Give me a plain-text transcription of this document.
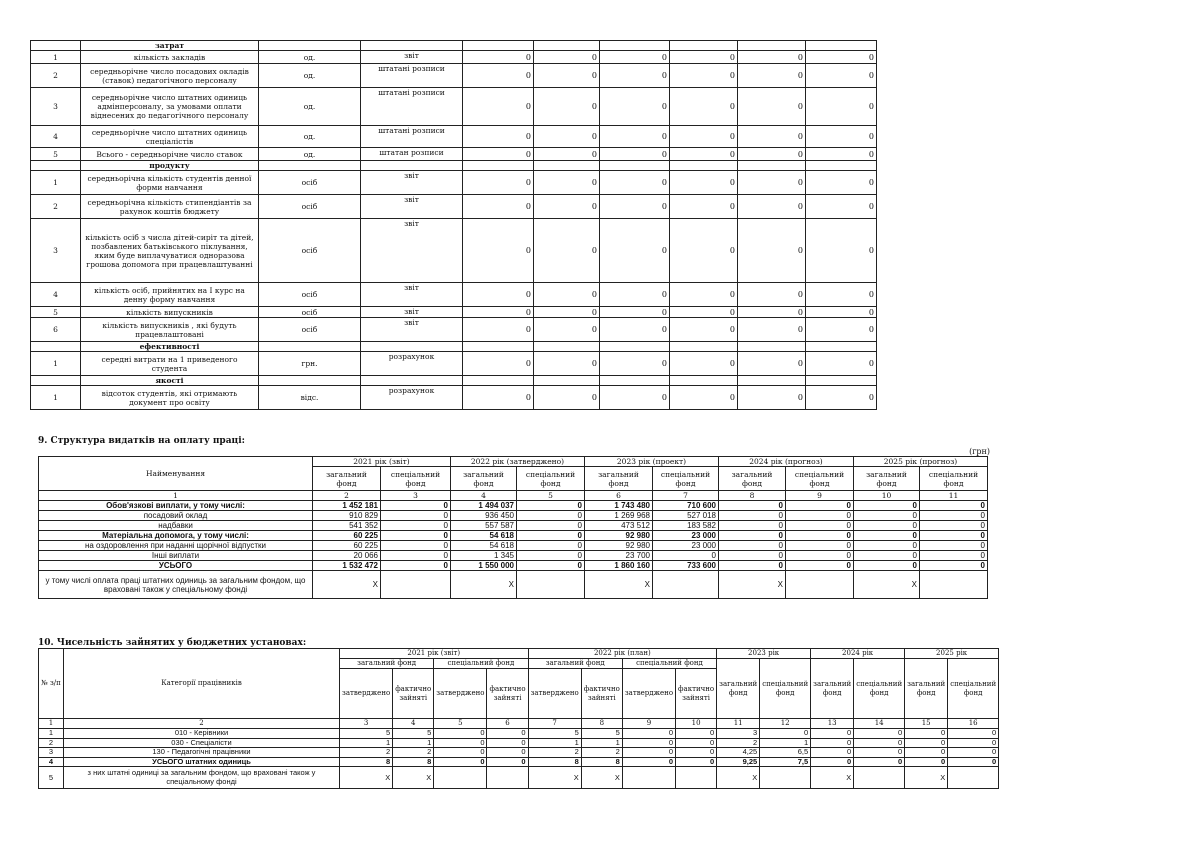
	затрат								
1	кількість закладів	од.	звіт	0	0	0	0	0	0
2	середньорічне число посадових окладів (ставок) педагогічного персоналу	од.	штатані розписи	0	0	0	0	0	0
3	середньорічне число штатних одиниць адмінперсоналу, за умовами оплати віднесених до педагогічного персоналу	од.	штатані розписи	0	0	0	0	0	0
4	середньорічне число штатних одиниць спеціалістів	од.	штатані розписи	0	0	0	0	0	0
5	Всього - середньорічне число ставок	од.	штатан розписи	0	0	0	0	0	0
	продукту								
1	середньорічна кількість студентів денної форми навчання	осіб	звіт	0	0	0	0	0	0
2	середньорічна кількість стипендіантів за рахунок коштів бюджету	осіб	звіт	0	0	0	0	0	0
3	кількість осіб з числа дітей-сиріт та дітей, позбавлених батьківського піклування, яким буде виплачуватися одноразова грошова допомога при працевлаштуванні	осіб	звіт	0	0	0	0	0	0
4	кількість осіб, прийнятих на І курс на денну форму навчання	осіб	звіт	0	0	0	0	0	0
5	кількість випускників	осіб	звіт	0	0	0	0	0	0
6	кількість випускників , які будуть працевлаштовані	осіб	звіт	0	0	0	0	0	0
	ефективності								
1	середні витрати на 1 приведеного студента	грн.	розрахунок	0	0	0	0	0	0
	якості								
1	відсоток студентів, які отримають документ про освіту	відс.	розрахунок	0	0	0	0	0	0
9. Структура видатків на оплату праці:
(грн)
Найменування	2021 рік (звіт)		2022 рік (затверджено)		2023 рік (проект)		2024 рік (прогноз)		2025 рік (прогноз)	
	загальний фонд	спеціальний фонд	загальний фонд	спеціальний фонд	загальний фонд	спеціальний фонд	загальний фонд	спеціальний фонд	загальний фонд	спеціальний фонд
1	2	3	4	5	6	7	8	9	10	11
Обов'язкові виплати, у тому числі:	1 452 181	0	1 494 037	0	1 743 480	710 600	0	0	0	0
посадовий оклад	910 829	0	936 450	0	1 269 968	527 018	0	0	0	0
надбавки	541 352	0	557 587	0	473 512	183 582	0	0	0	0
Матеріальна допомога, у тому числі:	60 225	0	54 618	0	92 980	23 000	0	0	0	0
на оздоровлення при наданні щорічної відпустки	60 225	0	54 618	0	92 980	23 000	0	0	0	0
Інші виплати	20 066	0	1 345	0	23 700	0	0	0	0	0
УСЬОГО	1 532 472	0	1 550 000	0	1 860 160	733 600	0	0	0	0
у тому числі оплата праці штатних одиниць за загальним фондом, що враховані також у спеціальному фонді	X		X		X		X		X	
10. Чисельність зайнятих у бюджетних установах:
№ з/п	Категорії працівників	2021 рік (звіт)				2022 рік (план)				2023 рік		2024 рік		2025 рік	
		загальний фонд		спеціальний фонд		загальний фонд		спеціальний фонд		загальний фонд	спеціальний фонд	загальний фонд	спеціальний фонд	загальний фонд	спеціальний фонд
		затверджено	фактично зайняті	затверджено	фактично зайняті	затверджено	фактично зайняті	затверджено	фактично зайняті						
1	2	3	4	5	6	7	8	9	10	11	12	13	14	15	16
1	010 - Керівники	5	5	0	0	5	5	0	0	3	0	0	0	0	0
2	030 - Спеціалісти	1	1	0	0	1	1	0	0	2	1	0	0	0	0
3	130 - Педагогічні працівники	2	2	0	0	2	2	0	0	4,25	6,5	0	0	0	0
4	УСЬОГО штатних одиниць	8	8	0	0	8	8	0	0	9,25	7,5	0	0	0	0
5	з них штатні одиниці за загальним фондом, що враховані також у спеціальному фонді	X	X			X	X			X		X		X	
